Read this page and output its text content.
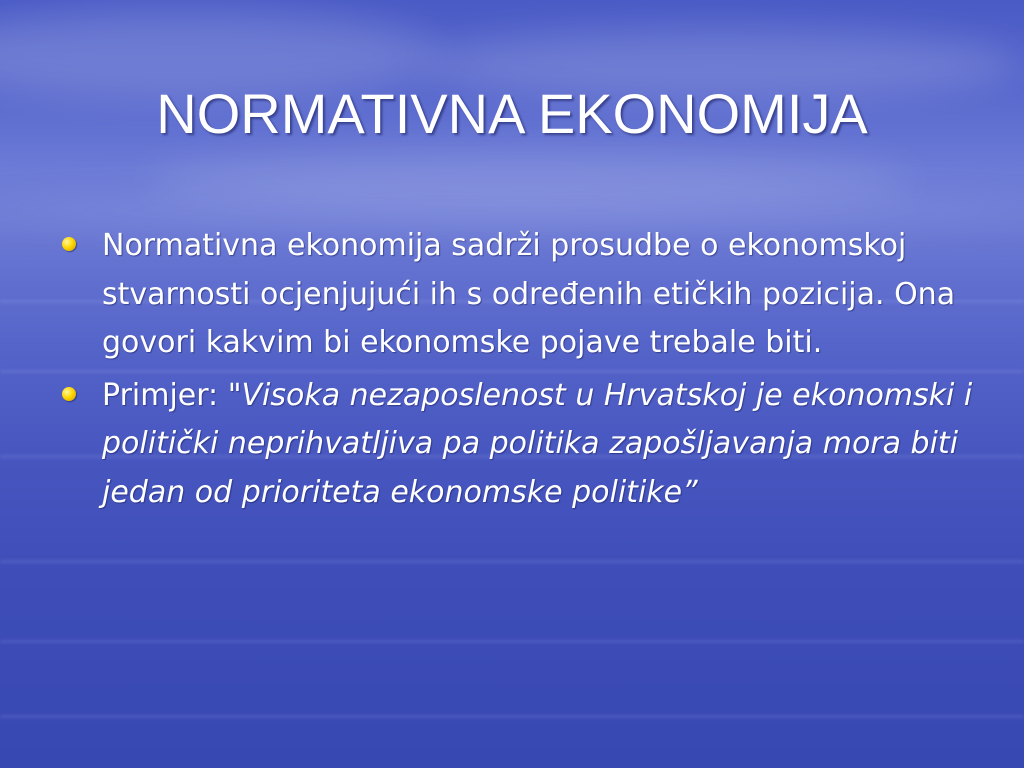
NORMATIVNA EKONOMIJA
Normativna ekonomija sadrži prosudbe o ekonomskoj stvarnosti ocjenjujući ih s određenih etičkih pozicija. Ona govori kakvim bi ekonomske pojave trebale biti.
Primjer: "Visoka nezaposlenost u Hrvatskoj je ekonomski i politički neprihvatljiva pa politika zapošljavanja mora biti jedan od prioriteta ekonomske politike”
